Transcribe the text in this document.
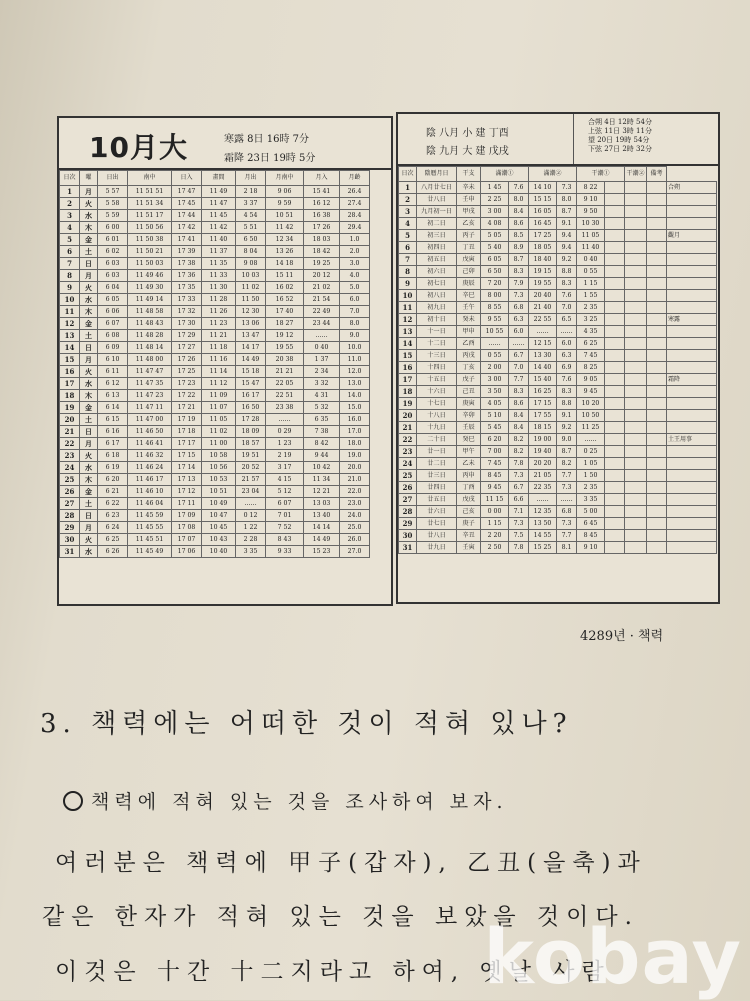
10月大	寒露 8日 16時 7分
霜降 23日 19時 5分
日次	曜	日出	南中	日入	畫間	月出	月南中	月入	月齡
1	月	5 57	11 51 51	17 47	11 49	2 18	9 06	15 41	26.4
2	火	5 58	11 51 34	17 45	11 47	3 37	9 59	16 12	27.4
3	水	5 59	11 51 17	17 44	11 45	4 54	10 51	16 38	28.4
4	木	6 00	11 50 56	17 42	11 42	5 51	11 42	17 26	29.4
5	金	6 01	11 50 38	17 41	11 40	6 50	12 34	18 03	1.0
6	土	6 02	11 50 21	17 39	11 37	8 04	13 26	18 42	2.0
7	日	6 03	11 50 03	17 38	11 35	9 08	14 18	19 25	3.0
8	月	6 03	11 49 46	17 36	11 33	10 03	15 11	20 12	4.0
9	火	6 04	11 49 30	17 35	11 30	11 02	16 02	21 02	5.0
10	水	6 05	11 49 14	17 33	11 28	11 50	16 52	21 54	6.0
11	木	6 06	11 48 58	17 32	11 26	12 30	17 40	22 49	7.0
12	金	6 07	11 48 43	17 30	11 23	13 06	18 27	23 44	8.0
13	土	6 08	11 48 28	17 29	11 21	13 47	19 12	……	9.0
14	日	6 09	11 48 14	17 27	11 18	14 17	19 55	0 40	10.0
15	月	6 10	11 48 00	17 26	11 16	14 49	20 38	1 37	11.0
16	火	6 11	11 47 47	17 25	11 14	15 18	21 21	2 34	12.0
17	水	6 12	11 47 35	17 23	11 12	15 47	22 05	3 32	13.0
18	木	6 13	11 47 23	17 22	11 09	16 17	22 51	4 31	14.0
19	金	6 14	11 47 11	17 21	11 07	16 50	23 38	5 32	15.0
20	土	6 15	11 47 00	17 19	11 05	17 28	……	6 35	16.0
21	日	6 16	11 46 50	17 18	11 02	18 09	0 29	7 38	17.0
22	月	6 17	11 46 41	17 17	11 00	18 57	1 23	8 42	18.0
23	火	6 18	11 46 32	17 15	10 58	19 51	2 19	9 44	19.0
24	水	6 19	11 46 24	17 14	10 56	20 52	3 17	10 42	20.0
25	木	6 20	11 46 17	17 13	10 53	21 57	4 15	11 34	21.0
26	金	6 21	11 46 10	17 12	10 51	23 04	5 12	12 21	22.0
27	土	6 22	11 46 04	17 11	10 49	……	6 07	13 03	23.0
28	日	6 23	11 45 59	17 09	10 47	0 12	7 01	13 40	24.0
29	月	6 24	11 45 55	17 08	10 45	1 22	7 52	14 14	25.0
30	火	6 25	11 45 51	17 07	10 43	2 28	8 43	14 49	26.0
31	水	6 26	11 45 49	17 06	10 40	3 35	9 33	15 23	27.0
陰 八月 小 建 丁酉
陰 九月 大 建 戊戌
合朔 4日 12時 54分
上弦 11日 3時 11分
望 20日 19時 54分
下弦 27日 2時 32分
日次	陰曆月日	干支	滿潮①		滿潮②		干潮①		干潮②	備考	
1	八月廿七日	辛未	1 45	7.6	14 10	7.3	8 22				合朔
2	廿八日	壬申	2 25	8.0	15 15	8.0	9 10				
3	九月初一日	甲戌	3 00	8.4	16 05	8.7	9 50				
4	初二日	乙亥	4 08	8.6	16 45	9.1	10 30				
5	初三日	丙子	5 05	8.5	17 25	9.4	11 05				觀月
6	初四日	丁丑	5 40	8.9	18 05	9.4	11 40				
7	初五日	戊寅	6 05	8.7	18 40	9.2	0 40				
8	初六日	己卯	6 50	8.3	19 15	8.8	0 55				
9	初七日	庚辰	7 20	7.9	19 55	8.3	1 15				
10	初八日	辛巳	8 00	7.3	20 40	7.6	1 55				
11	初九日	壬午	8 55	6.8	21 40	7.0	2 35				
12	初十日	癸未	9 55	6.3	22 55	6.5	3 25				寒露
13	十一日	甲申	10 55	6.0	……	……	4 35				
14	十二日	乙酉	……	……	12 15	6.0	6 25				
15	十三日	丙戌	0 55	6.7	13 30	6.3	7 45				
16	十四日	丁亥	2 00	7.0	14 40	6.9	8 25				
17	十五日	戊子	3 00	7.7	15 40	7.6	9 05				霜降
18	十六日	己丑	3 50	8.3	16 25	8.3	9 45				
19	十七日	庚寅	4 05	8.6	17 15	8.8	10 20				
20	十八日	辛卯	5 10	8.4	17 55	9.1	10 50				
21	十九日	壬辰	5 45	8.4	18 15	9.2	11 25				
22	二十日	癸巳	6 20	8.2	19 00	9.0	……				土王用事
23	廿一日	甲午	7 00	8.2	19 40	8.7	0 25				
24	廿二日	乙未	7 45	7.8	20 20	8.2	1 05				
25	廿三日	丙申	8 45	7.3	21 05	7.7	1 50				
26	廿四日	丁酉	9 45	6.7	22 35	7.3	2 35				
27	廿五日	戊戌	11 15	6.6	……	……	3 35				
28	廿六日	己亥	0 00	7.1	12 35	6.8	5 00				
29	廿七日	庚子	1 15	7.3	13 50	7.3	6 45				
30	廿八日	辛丑	2 20	7.5	14 55	7.7	8 45				
31	廿九日	壬寅	2 50	7.8	15 25	8.1	9 10				
4289년 · 책력
3. 책력에는 어떠한 것이 적혀 있나?
책력에 적혀 있는 것을 조사하여 보자.
여러분은 책력에 甲子(갑자), 乙丑(을축)과
같은 한자가 적혀 있는 것을 보았을 것이다.
이것은 十간 十二지라고 하여, 옛날 사람
kobay
